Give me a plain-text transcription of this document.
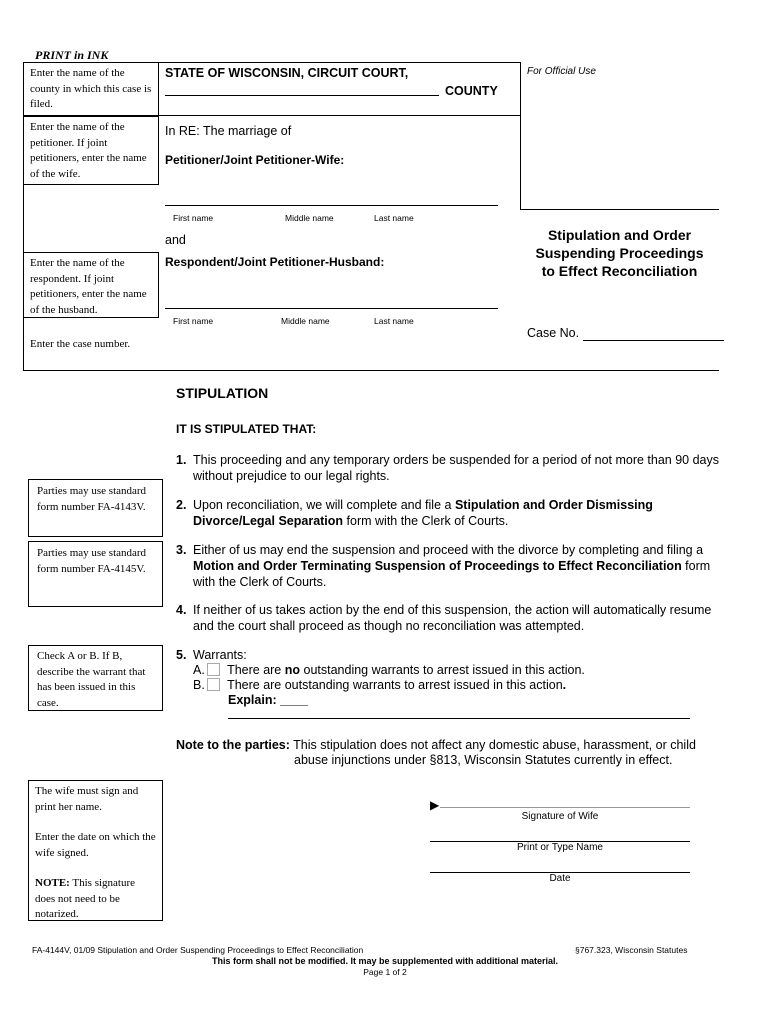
PRINT in INK
Enter the name of the county in which this case is filed.
Enter the name of the petitioner. If joint petitioners, enter the name of the wife.
Enter the name of the respondent. If joint petitioners, enter the name of the husband.
Enter the case number.
STATE OF WISCONSIN, CIRCUIT COURT,
COUNTY
For Official Use
In RE: The marriage of
Petitioner/Joint Petitioner-Wife:
First name	Middle name	Last name
and
Respondent/Joint Petitioner-Husband:
First name	Middle name	Last name
Stipulation and Order
Suspending Proceedings
to Effect Reconciliation
Case No.
STIPULATION
IT IS STIPULATED THAT:
1. This proceeding and any temporary orders be suspended for a period of not more than 90 days
without prejudice to our legal rights.
2. Upon reconciliation, we will complete and file a Stipulation and Order Dismissing
Divorce/Legal Separation form with the Clerk of Courts.
3. Either of us may end the suspension and proceed with the divorce by completing and filing a
Motion and Order Terminating Suspension of Proceedings to Effect Reconciliation form
with the Clerk of Courts.
4. If neither of us takes action by the end of this suspension, the action will automatically resume
and the court shall proceed as though no reconciliation was attempted.
5. Warrants:
A. There are no outstanding warrants to arrest issued in this action.
B. There are outstanding warrants to arrest issued in this action.
Explain: ____
Note to the parties: This stipulation does not affect any domestic abuse, harassment, or child
abuse injunctions under §813, Wisconsin Statutes currently in effect.
Parties may use standard form number FA-4143V.
Parties may use standard form number FA-4145V.
Check A or B. If B, describe the warrant that has been issued in this case.
The wife must sign and print her name.
Enter the date on which the wife signed.
NOTE: This signature does not need to be notarized.
▶
Signature of Wife
Print or Type Name
Date
FA-4144V, 01/09 Stipulation and Order Suspending Proceedings to Effect Reconciliation	§767.323, Wisconsin Statutes
This form shall not be modified. It may be supplemented with additional material.
Page 1 of 2
